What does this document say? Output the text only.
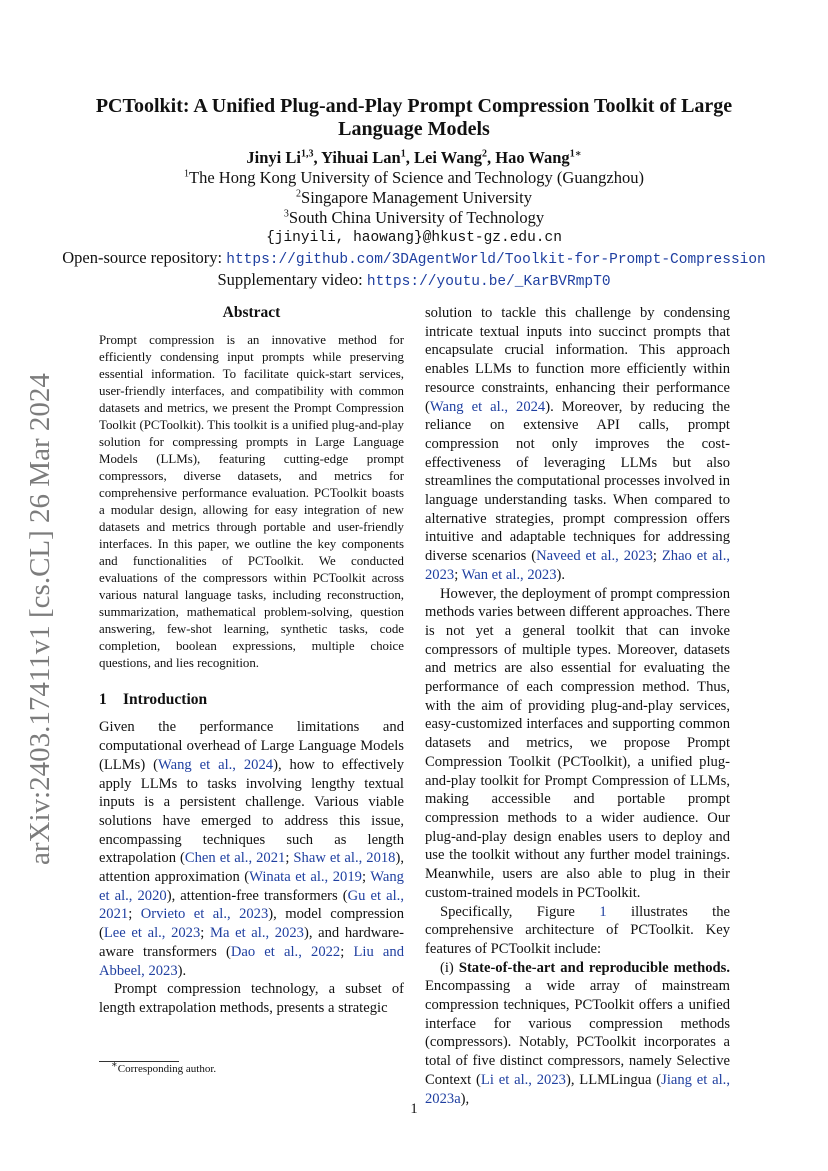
arXiv:2403.17411v1 [cs.CL] 26 Mar 2024
PCToolkit: A Unified Plug-and-Play Prompt Compression Toolkit of Large
Language Models
Jinyi Li$^{1,3}$, Yihuai Lan$^1$, Lei Wang$^2$, Hao Wang$^{1∗}$
$^1$The Hong Kong University of Science and Technology (Guangzhou)
$^2$Singapore Management University
$^3$South China University of Technology
{jinyili, haowang}@hkust-gz.edu.cn
Open-source repository: https://github.com/3DAgentWorld/Toolkit-for-Prompt-Compression
Supplementary video: https://youtu.be/_KarBVRmpT0
Abstract

Prompt compression is an innovative method for efficiently condensing input prompts while preserving essential information. To facilitate quick-start services, user-friendly interfaces, and compatibility with common datasets and metrics, we present the Prompt Compression Toolkit (PCToolkit). This toolkit is a unified plug-and-play solution for compressing prompts in Large Language Models (LLMs), featuring cutting-edge prompt compressors, diverse datasets, and metrics for comprehensive performance evaluation. PCToolkit boasts a modular design, allowing for easy integration of new datasets and metrics through portable and user-friendly interfaces. In this paper, we outline the key components and functionalities of PCToolkit. We conducted evaluations of the compressors within PCToolkit across various natural language tasks, including reconstruction, summarization, mathematical problem-solving, question answering, few-shot learning, synthetic tasks, code completion, boolean expressions, multiple choice questions, and lies recognition.

1 Introduction

Given the performance limitations and computational overhead of Large Language Models (LLMs) (Wang et al., 2024), how to effectively apply LLMs to tasks involving lengthy textual inputs is a persistent challenge. Various viable solutions have emerged to address this issue, encompassing techniques such as length extrapolation (Chen et al., 2021; Shaw et al., 2018), attention approximation (Winata et al., 2019; Wang et al., 2020), attention-free transformers (Gu et al., 2021; Orvieto et al., 2023), model compression (Lee et al., 2023; Ma et al., 2023), and hardware-aware transformers (Dao et al., 2022; Liu and Abbeel, 2023).

Prompt compression technology, a subset of length extrapolation methods, presents a strategic

solution to tackle this challenge by condensing intricate textual inputs into succinct prompts that encapsulate crucial information. This approach enables LLMs to function more efficiently within resource constraints, enhancing their performance (Wang et al., 2024). Moreover, by reducing the reliance on extensive API calls, prompt compression not only improves the cost-effectiveness of leveraging LLMs but also streamlines the computational processes involved in language understanding tasks. When compared to alternative strategies, prompt compression offers intuitive and adaptable techniques for addressing diverse scenarios (Naveed et al., 2023; Zhao et al., 2023; Wan et al., 2023).

However, the deployment of prompt compression methods varies between different approaches. There is not yet a general toolkit that can invoke compressors of multiple types. Moreover, datasets and metrics are also essential for evaluating the performance of each compression method. Thus, with the aim of providing plug-and-play services, easy-customized interfaces and supporting common datasets and metrics, we propose Prompt Compression Toolkit (PCToolkit), a unified plug-and-play toolkit for Prompt Compression of LLMs, making accessible and portable prompt compression methods to a wider audience. Our plug-and-play design enables users to deploy and use the toolkit without any further model trainings. Meanwhile, users are also able to plug in their custom-trained models in PCToolkit.

Specifically, Figure 1 illustrates the comprehensive architecture of PCToolkit. Key features of PCToolkit include:

(i) State-of-the-art and reproducible methods. Encompassing a wide array of mainstream compression techniques, PCToolkit offers a unified interface for various compression methods (compressors). Notably, PCToolkit incorporates a total of five distinct compressors, namely Selective Context (Li et al., 2023), LLMLingua (Jiang et al., 2023a),

∗Corresponding author.
1
